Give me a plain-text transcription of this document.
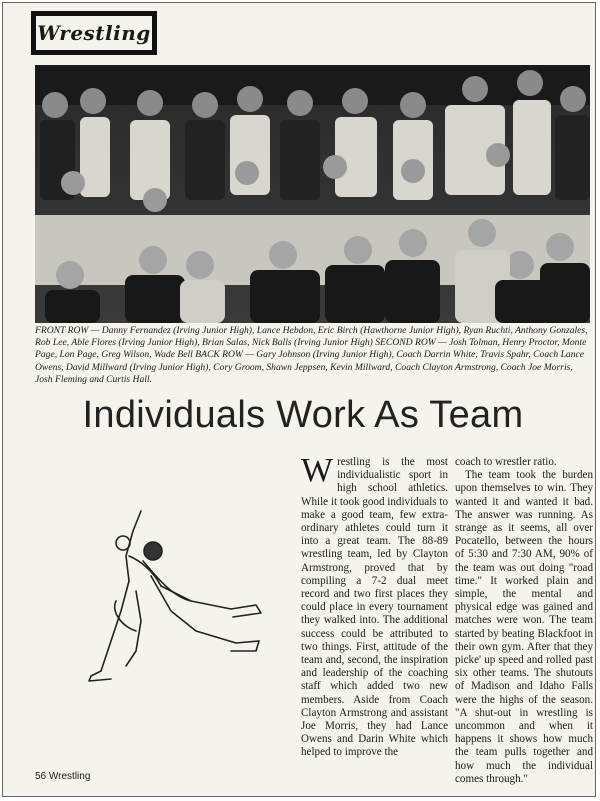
Wrestling
FRONT ROW — Danny Fernandez (Irving Junior High), Lance Hebdon, Eric Birch (Hawthorne Junior High), Ryan Ruchti, Anthony Gonzales, Rob Lee, Able Flores (Irving Junior High), Brian Salas, Nick Balls (Irving Junior High) SECOND ROW — Josh Tolman, Henry Proctor, Monte Page, Lon Page, Greg Wilson, Wade Bell BACK ROW — Gary Johnson (Irving Junior High), Coach Darrin White, Travis Spahr, Coach Lance Owens, David Millward (Irving Junior High), Cory Groom, Shawn Jeppsen, Kevin Millward, Coach Clayton Armstrong, Coach Joe Morris, Josh Fleming and Curtis Hall.
Individuals Work As Team

Wrestling is the most individualistic sport in high school athletics. While it took good individuals to make a good team, few extra-ordinary athletes could turn it into a great team. The 88-89 wrestling team, led by Clayton Armstrong, proved that by compiling a 7-2 dual meet record and two first places they could place in every tournament they walked into. The additional success could be attributed to two things. First, attitude of the team and, second, the inspiration and leadership of the coaching staff which added two new members. Aside from Coach Clayton Armstrong and assistant Joe Morris, they had Lance Owens and Darin White which helped to improve the

coach to wrestler ratio.

The team took the burden upon themselves to win. They wanted it and wanted it bad. The answer was running. As strange as it seems, all over Pocatello, between the hours of 5:30 and 7:30 AM, 90% of the team was out doing "road time." It worked plain and simple, the mental and physical edge was gained and matches were won. The team started by beating Blackfoot in their own gym. After that they picke' up speed and rolled past six other teams. The shutouts of Madison and Idaho Falls were the highs of the season. "A shut-out in wrestling is uncommon and when it happens it shows how much the team pulls together and how much the individual comes through."

56 Wrestling
